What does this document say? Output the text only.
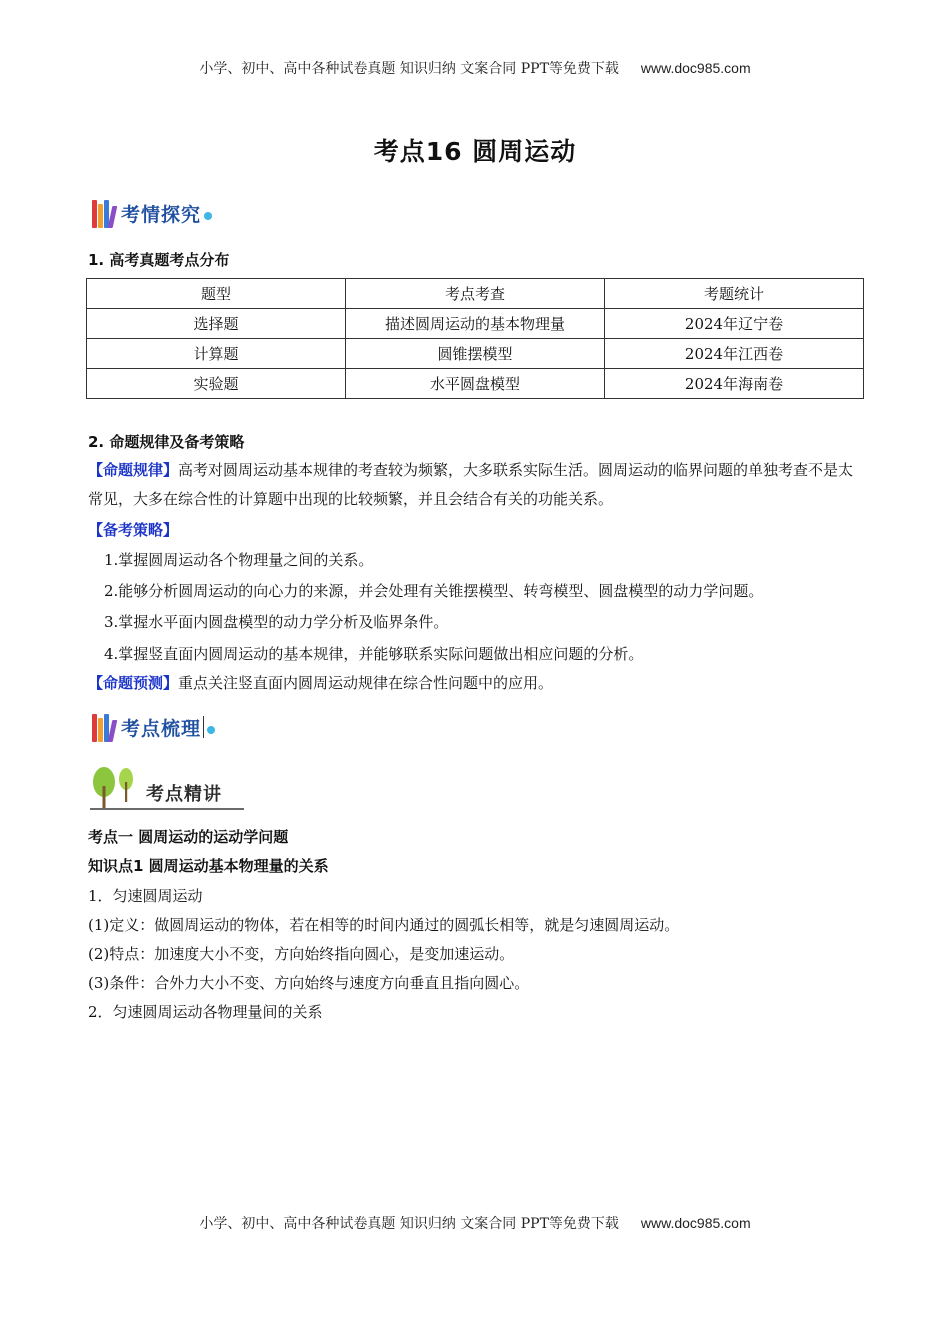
小学、初中、高中各种试卷真题 知识归纳 文案合同 PPT等免费下载 www.doc985.com
考点16 圆周运动
考情探究
1. 高考真题考点分布
题型	考点考查	考题统计
选择题	描述圆周运动的基本物理量	2024年辽宁卷
计算题	圆锥摆模型	2024年江西卷
实验题	水平圆盘模型	2024年海南卷
2. 命题规律及备考策略
【命题规律】高考对圆周运动基本规律的考查较为频繁，大多联系实际生活。圆周运动的临界问题的单独考查不是太常见，大多在综合性的计算题中出现的比较频繁，并且会结合有关的功能关系。
【备考策略】
1.掌握圆周运动各个物理量之间的关系。
2.能够分析圆周运动的向心力的来源，并会处理有关锥摆模型、转弯模型、圆盘模型的动力学问题。
3.掌握水平面内圆盘模型的动力学分析及临界条件。
4.掌握竖直面内圆周运动的基本规律，并能够联系实际问题做出相应问题的分析。
【命题预测】重点关注竖直面内圆周运动规律在综合性问题中的应用。
考点梳理
考点精讲
考点一 圆周运动的运动学问题
知识点1 圆周运动基本物理量的关系
1．匀速圆周运动
(1)定义：做圆周运动的物体，若在相等的时间内通过的圆弧长相等，就是匀速圆周运动。
(2)特点：加速度大小不变，方向始终指向圆心，是变加速运动。
(3)条件：合外力大小不变、方向始终与速度方向垂直且指向圆心。
2．匀速圆周运动各物理量间的关系
小学、初中、高中各种试卷真题 知识归纳 文案合同 PPT等免费下载 www.doc985.com
